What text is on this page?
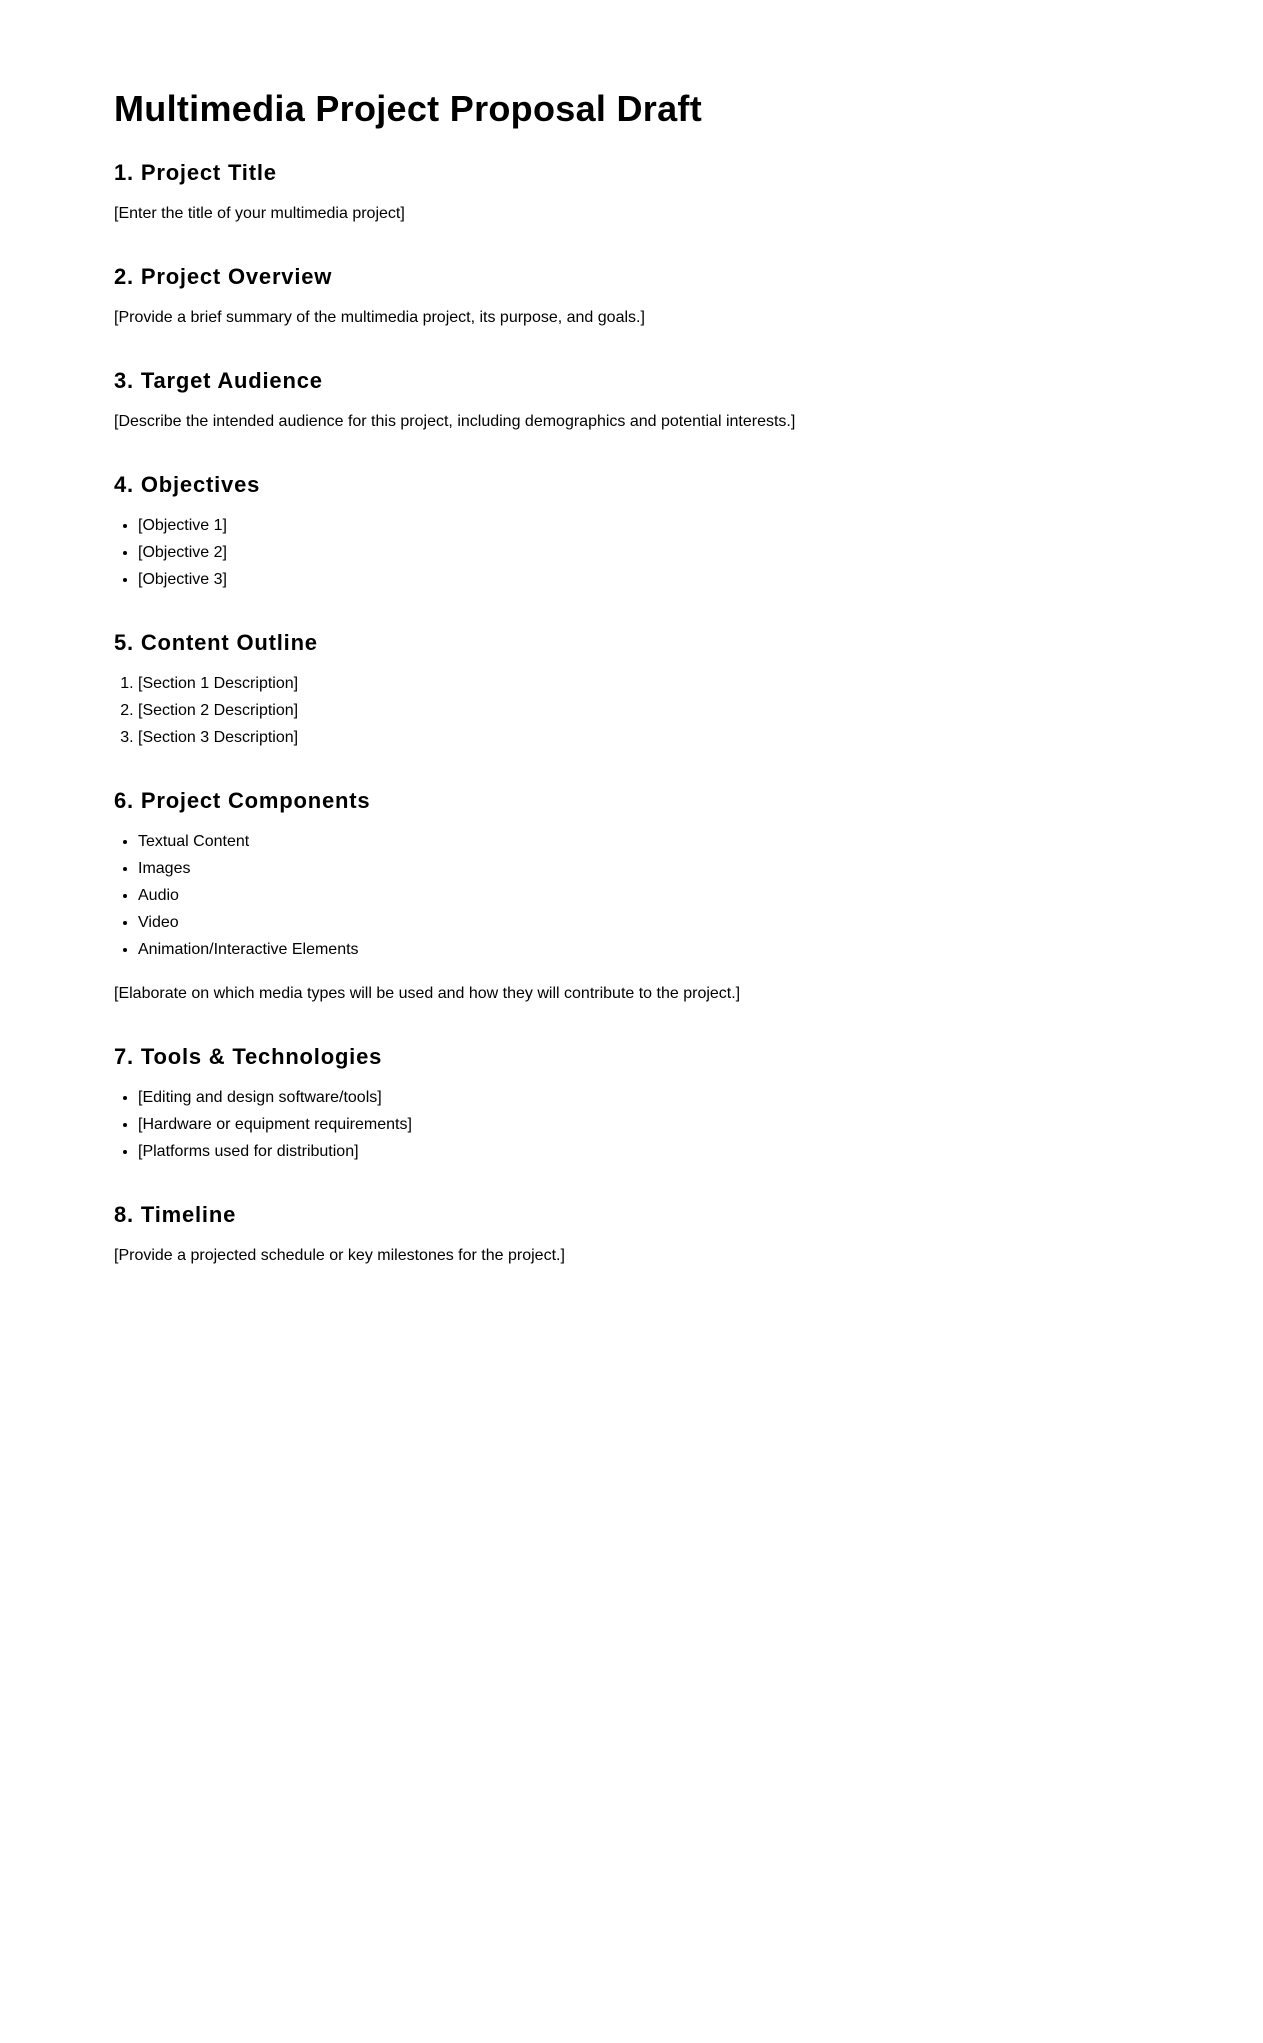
Multimedia Project Proposal Draft
1. Project Title

[Enter the title of your multimedia project]

2. Project Overview

[Provide a brief summary of the multimedia project, its purpose, and goals.]

3. Target Audience

[Describe the intended audience for this project, including demographics and potential interests.]

4. Objectives
• [Objective 1]
• [Objective 2]
• [Objective 3]
5. Content Outline
1. [Section 1 Description]
2. [Section 2 Description]
3. [Section 3 Description]
6. Project Components
• Textual Content
• Images
• Audio
• Video
• Animation/Interactive Elements

[Elaborate on which media types will be used and how they will contribute to the project.]

7. Tools & Technologies
• [Editing and design software/tools]
• [Hardware or equipment requirements]
• [Platforms used for distribution]
8. Timeline

[Provide a projected schedule or key milestones for the project.]
